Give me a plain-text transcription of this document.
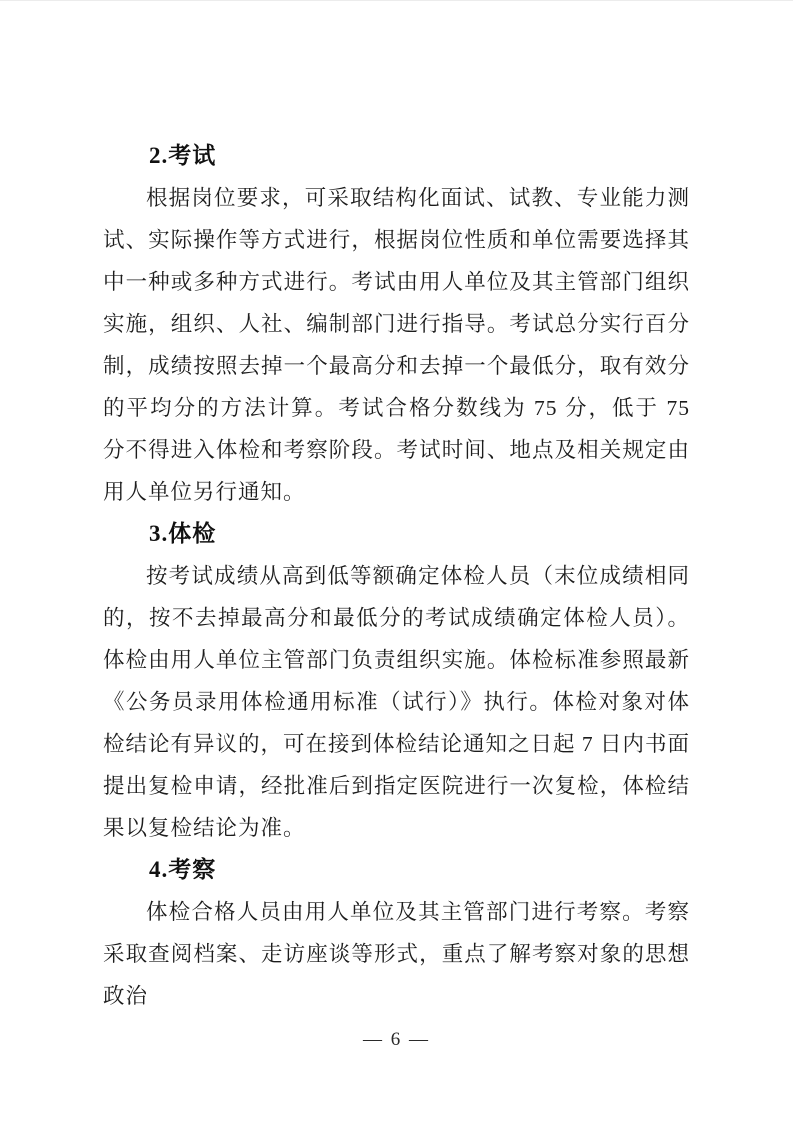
2.考试

根据岗位要求，可采取结构化面试、试教、专业能力测试、实际操作等方式进行，根据岗位性质和单位需要选择其中一种或多种方式进行。考试由用人单位及其主管部门组织实施，组织、人社、编制部门进行指导。考试总分实行百分制，成绩按照去掉一个最高分和去掉一个最低分，取有效分的平均分的方法计算。考试合格分数线为 75 分，低于 75 分不得进入体检和考察阶段。考试时间、地点及相关规定由用人单位另行通知。

3.体检

按考试成绩从高到低等额确定体检人员（末位成绩相同的，按不去掉最高分和最低分的考试成绩确定体检人员）。体检由用人单位主管部门负责组织实施。体检标准参照最新《公务员录用体检通用标准（试行）》执行。体检对象对体检结论有异议的，可在接到体检结论通知之日起 7 日内书面提出复检申请，经批准后到指定医院进行一次复检，体检结果以复检结论为准。

4.考察

体检合格人员由用人单位及其主管部门进行考察。考察采取查阅档案、走访座谈等形式，重点了解考察对象的思想政治

— 6 —
